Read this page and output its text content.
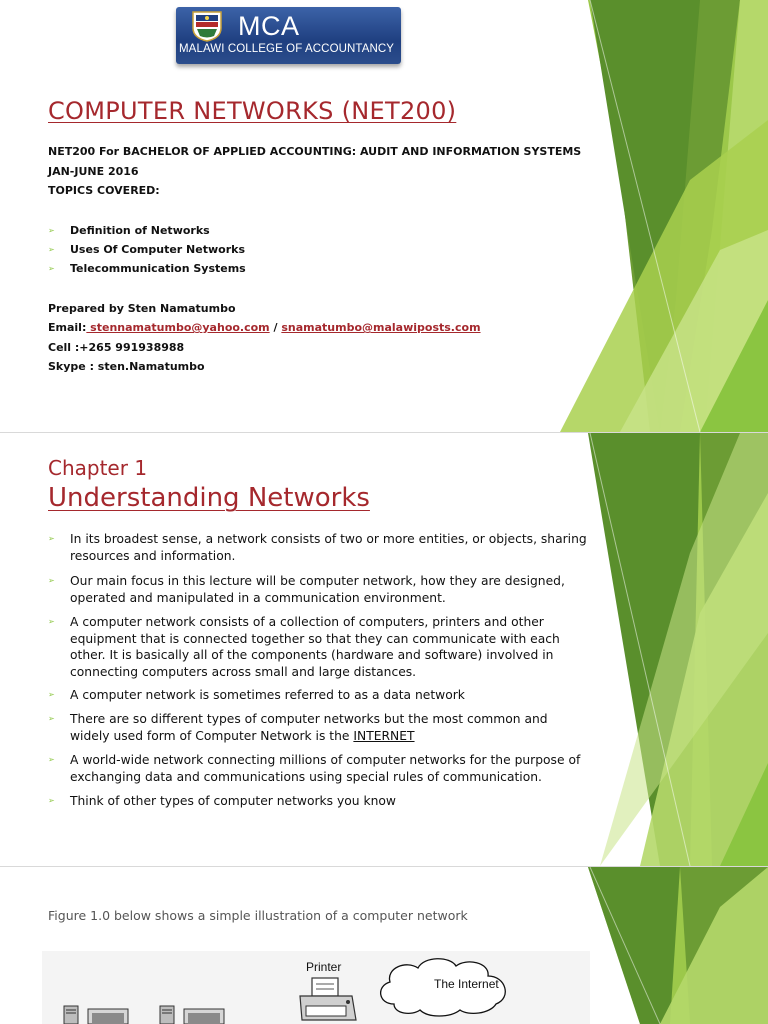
MCA
MALAWI COLLEGE OF ACCOUNTANCY
COMPUTER NETWORKS (NET200)
NET200 For BACHELOR OF APPLIED ACCOUNTING: AUDIT AND INFORMATION SYSTEMS
JAN-JUNE 2016
TOPICS COVERED:
➢ Definition of Networks
➢ Uses Of Computer Networks
➢ Telecommunication Systems
Prepared by Sten Namatumbo
Email: stennamatumbo@yahoo.com / snamatumbo@malawiposts.com
Cell :+265 991938988
Skype : sten.Namatumbo
Chapter 1
Understanding Networks
➢	In its broadest sense, a network consists of two or more entities, or objects, sharing resources and information.
➢	Our main focus in this lecture will be computer network, how they are designed, operated and manipulated in a communication environment.
➢	A computer network consists of a collection of computers, printers and other equipment that is connected together so that they can communicate with each other. It is basically all of the components (hardware and software) involved in connecting computers across small and large distances.
➢	A computer network is sometimes referred to as a data network
➢	There are so different types of computer networks but the most common and widely used form of Computer Network is the INTERNET
➢	A world-wide network connecting millions of computer networks for the purpose of exchanging data and communications using special rules of communication.
➢	Think of other types of computer networks you know
Figure 1.0 below shows a simple illustration of a computer network
Printer
The Internet
